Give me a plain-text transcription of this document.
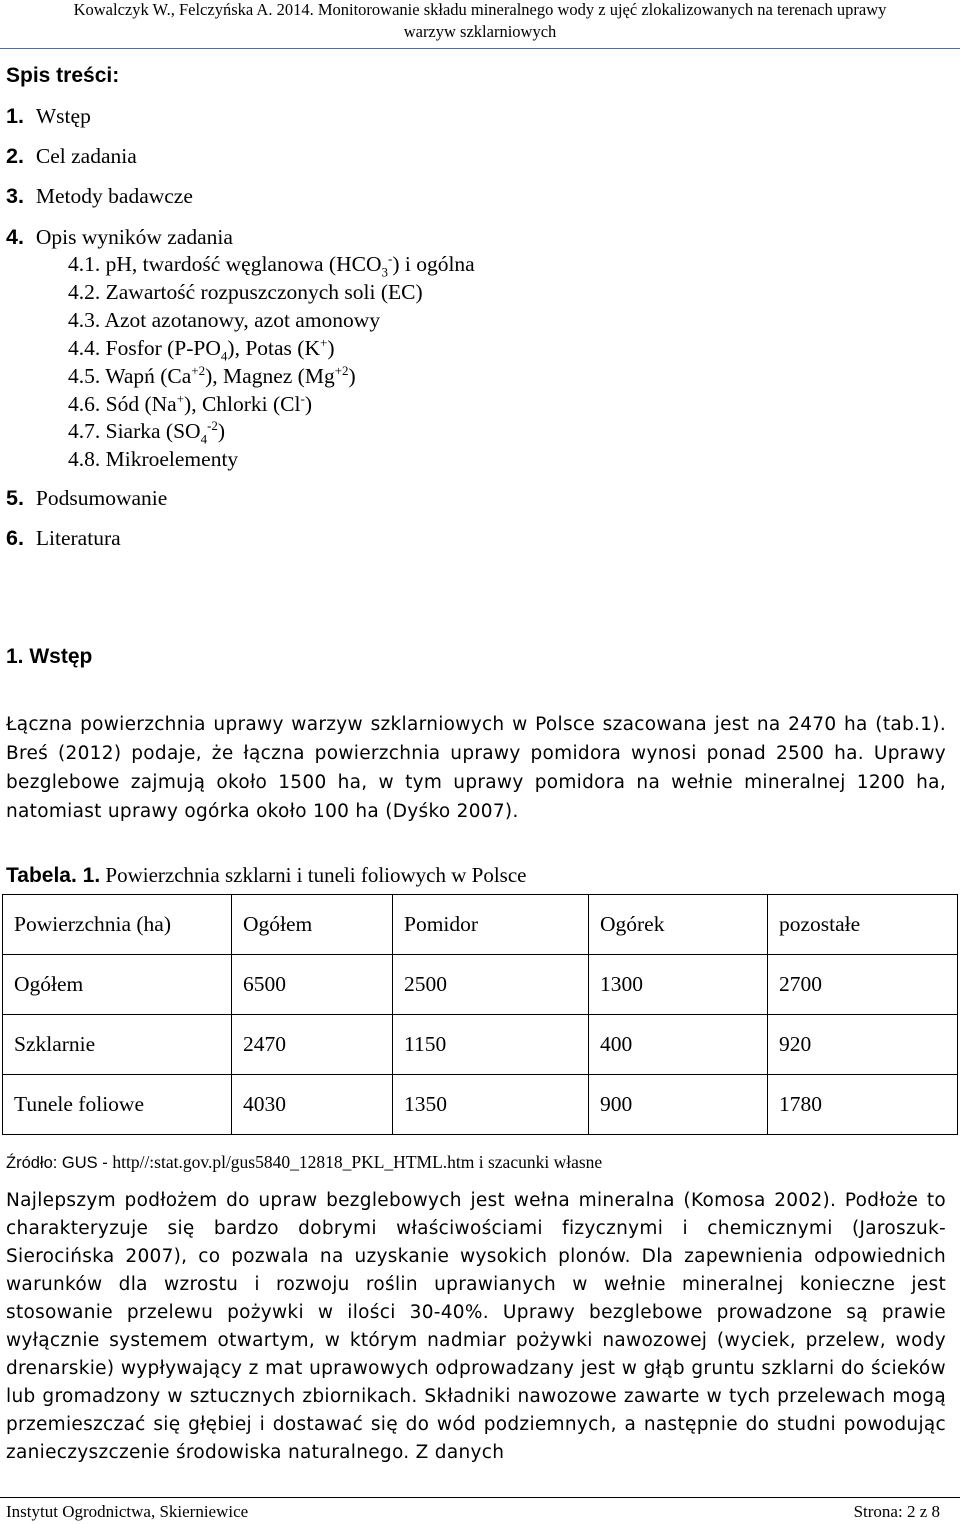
Kowalczyk W., Felczyńska A. 2014. Monitorowanie składu mineralnego wody z ujęć zlokalizowanych na terenach uprawy
warzyw szklarniowych
Spis treści:
1. Wstęp
2. Cel zadania
3. Metody badawcze
4. Opis wyników zadania
4.1. pH, twardość węglanowa $(HCO_3^-)$ i ogólna
4.2. Zawartość rozpuszczonych soli (EC)
4.3. Azot azotanowy, azot amonowy
4.4. Fosfor $(P-PO_4)$, Potas (K+)
4.5. Wapń $(Ca^{+2})$, Magnez $(Mg^{+2})$
4.6. Sód (Na+), Chlorki (Cl-)
4.7. Siarka $(SO_4^{-2})$
4.8. Mikroelementy
5. Podsumowanie
6. Literatura
1. Wstęp
Łączna powierzchnia uprawy warzyw szklarniowych w Polsce szacowana jest na 2470 ha (tab.1). Breś (2012) podaje, że łączna powierzchnia uprawy pomidora wynosi ponad 2500 ha. Uprawy bezglebowe zajmują około 1500 ha, w tym uprawy pomidora na wełnie mineralnej 1200 ha, natomiast uprawy ogórka około 100 ha (Dyśko 2007).
Tabela. 1. Powierzchnia szklarni i tuneli foliowych w Polsce
Powierzchnia (ha)	Ogółem	Pomidor	Ogórek	pozostałe
Ogółem	6500	2500	1300	2700
Szklarnie	2470	1150	400	920
Tunele foliowe	4030	1350	900	1780
Źródło: GUS - http//:stat.gov.pl/gus5840_12818_PKL_HTML.htm i szacunki własne
Najlepszym podłożem do upraw bezglebowych jest wełna mineralna (Komosa 2002). Podłoże to charakteryzuje się bardzo dobrymi właściwościami fizycznymi i chemicznymi (Jaroszuk-Sierocińska 2007), co pozwala na uzyskanie wysokich plonów. Dla zapewnienia odpowiednich warunków dla wzrostu i rozwoju roślin uprawianych w wełnie mineralnej konieczne jest stosowanie przelewu pożywki w ilości 30-40%. Uprawy bezglebowe prowadzone są prawie wyłącznie systemem otwartym, w którym nadmiar pożywki nawozowej (wyciek, przelew, wody drenarskie) wypływający z mat uprawowych odprowadzany jest w głąb gruntu szklarni do ścieków lub gromadzony w sztucznych zbiornikach. Składniki nawozowe zawarte w tych przelewach mogą przemieszczać się głębiej i dostawać się do wód podziemnych, a następnie do studni powodując zanieczyszczenie środowiska naturalnego. Z danych
Instytut Ogrodnictwa, Skierniewice	Strona: 2 z 8
